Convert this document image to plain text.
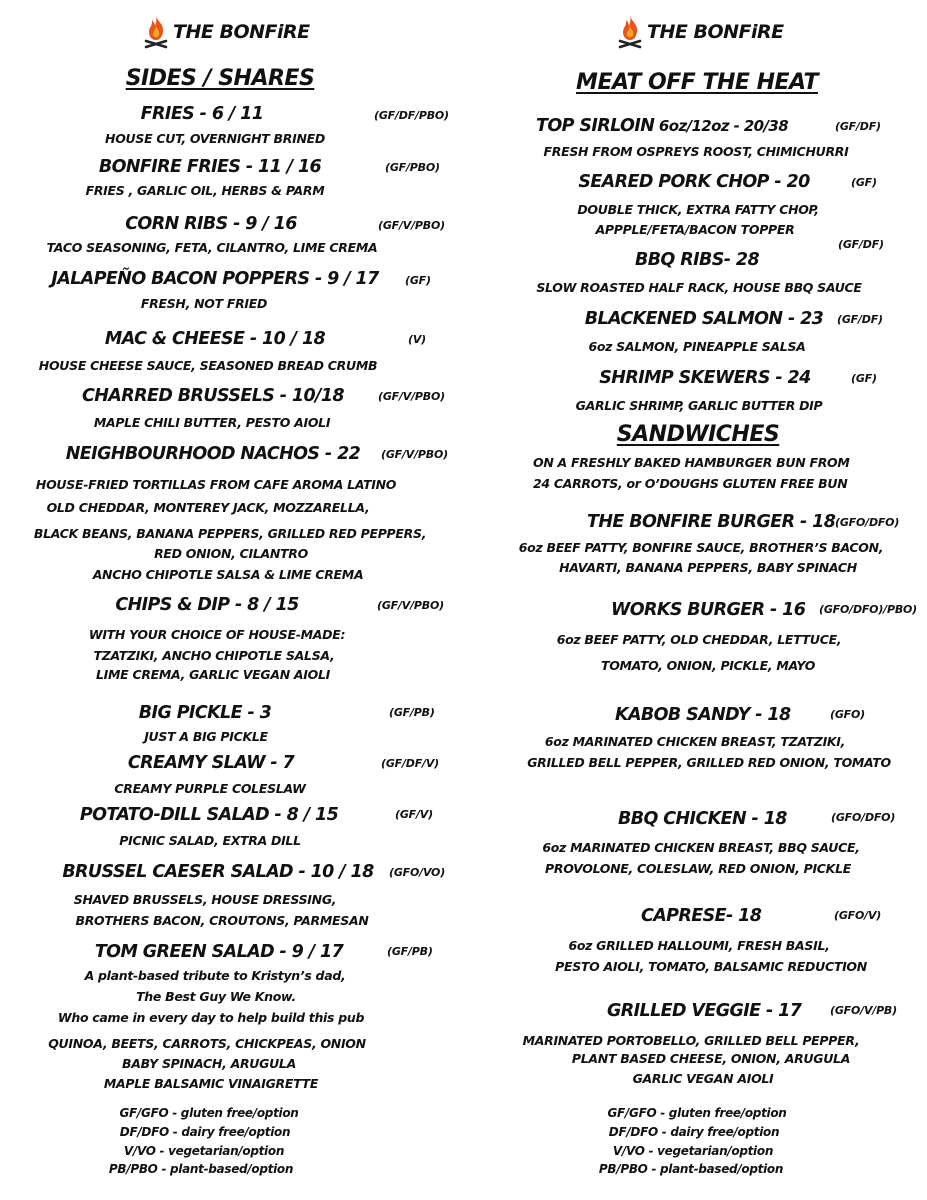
THE BONFiRE
SIDES / SHARES
FRIES - 6 / 11	(GF/DF/PBO)
HOUSE CUT, OVERNIGHT BRINED
BONFIRE FRIES - 11 / 16	(GF/PBO)
FRIES , GARLIC OIL, HERBS & PARM
CORN RIBS - 9 / 16	(GF/V/PBO)
TACO SEASONING, FETA, CILANTRO, LIME CREMA
JALAPEÑO BACON POPPERS - 9 / 17 (GF)
FRESH, NOT FRIED
MAC & CHEESE - 10 / 18	(V)
HOUSE CHEESE SAUCE, SEASONED BREAD CRUMB
CHARRED BRUSSELS - 10/18	(GF/V/PBO)
MAPLE CHILI BUTTER, PESTO AIOLI
NEIGHBOURHOOD NACHOS - 22 (GF/V/PBO)
HOUSE-FRIED TORTILLAS FROM CAFE AROMA LATINO
OLD CHEDDAR, MONTEREY JACK, MOZZARELLA,
BLACK BEANS, BANANA PEPPERS, GRILLED RED PEPPERS,
RED ONION, CILANTRO
ANCHO CHIPOTLE SALSA & LIME CREMA
CHIPS & DIP - 8 / 15	(GF/V/PBO)
WITH YOUR CHOICE OF HOUSE-MADE:
TZATZIKI, ANCHO CHIPOTLE SALSA,
LIME CREMA, GARLIC VEGAN AIOLI
BIG PICKLE - 3	(GF/PB)
JUST A BIG PICKLE
CREAMY SLAW - 7	(GF/DF/V)
CREAMY PURPLE COLESLAW
POTATO-DILL SALAD - 8 / 15	(GF/V)
PICNIC SALAD, EXTRA DILL
BRUSSEL CAESER SALAD - 10 / 18 (GFO/VO)
SHAVED BRUSSELS, HOUSE DRESSING,
BROTHERS BACON, CROUTONS, PARMESAN
TOM GREEN SALAD - 9 / 17	(GF/PB)
A plant-based tribute to Kristyn’s dad,
The Best Guy We Know.
Who came in every day to help build this pub
QUINOA, BEETS, CARROTS, CHICKPEAS, ONION
BABY SPINACH, ARUGULA
MAPLE BALSAMIC VINAIGRETTE
GF/GFO - gluten free/option
DF/DFO - dairy free/option
V/VO - vegetarian/option
PB/PBO - plant-based/option
THE BONFiRE
MEAT OFF THE HEAT
TOP SIRLOIN 6oz/12oz - 20/38	(GF/DF)
FRESH FROM OSPREYS ROOST, CHIMICHURRI
SEARED PORK CHOP - 20	(GF)
DOUBLE THICK, EXTRA FATTY CHOP,
APPPLE/FETA/BACON TOPPER
BBQ RIBS- 28
(GF/DF)
SLOW ROASTED HALF RACK, HOUSE BBQ SAUCE
BLACKENED SALMON - 23 (GF/DF)
6oz SALMON, PINEAPPLE SALSA
SHRIMP SKEWERS - 24	(GF)
GARLIC SHRIMP, GARLIC BUTTER DIP
SANDWICHES
ON A FRESHLY BAKED HAMBURGER BUN FROM
24 CARROTS, or O’DOUGHS GLUTEN FREE BUN
THE BONFIRE BURGER - 18 (GFO/DFO)
6oz BEEF PATTY, BONFIRE SAUCE, BROTHER’S BACON,
HAVARTI, BANANA PEPPERS, BABY SPINACH
WORKS BURGER - 16 (GFO/DFO)/PBO)
6oz BEEF PATTY, OLD CHEDDAR, LETTUCE,
TOMATO, ONION, PICKLE, MAYO
KABOB SANDY - 18	(GFO)
6oz MARINATED CHICKEN BREAST, TZATZIKI,
GRILLED BELL PEPPER, GRILLED RED ONION, TOMATO
BBQ CHICKEN - 18	(GFO/DFO)
6oz MARINATED CHICKEN BREAST, BBQ SAUCE,
PROVOLONE, COLESLAW, RED ONION, PICKLE
CAPRESE- 18	(GFO/V)
6oz GRILLED HALLOUMI, FRESH BASIL,
PESTO AIOLI, TOMATO, BALSAMIC REDUCTION
GRILLED VEGGIE - 17	(GFO/V/PB)
MARINATED PORTOBELLO, GRILLED BELL PEPPER,
PLANT BASED CHEESE, ONION, ARUGULA
GARLIC VEGAN AIOLI
GF/GFO - gluten free/option
DF/DFO - dairy free/option
V/VO - vegetarian/option
PB/PBO - plant-based/option
